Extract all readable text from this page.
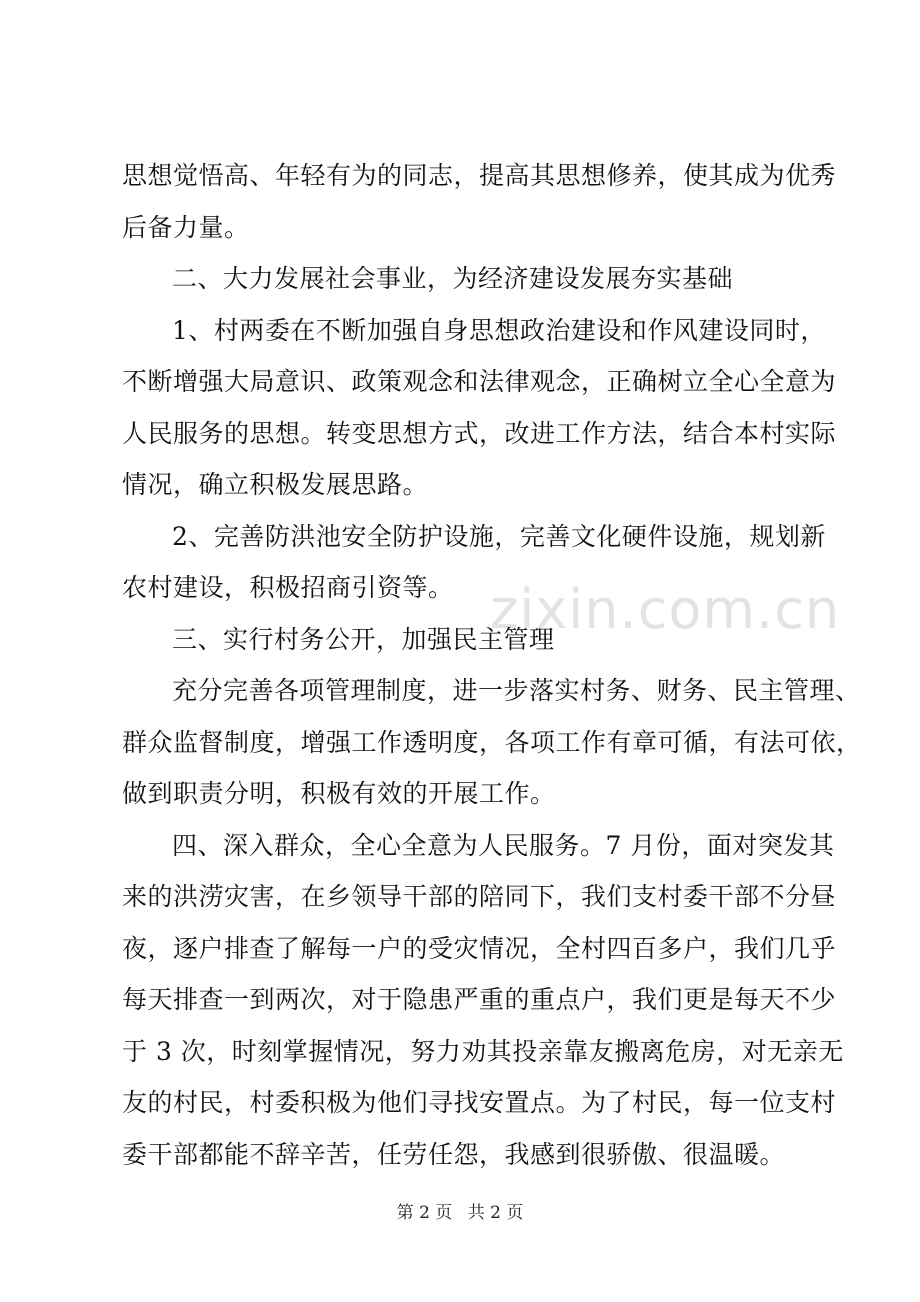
zixin.com.cn
思想觉悟高、年轻有为的同志，提高其思想修养，使其成为优秀
后备力量。
二、大力发展社会事业，为经济建设发展夯实基础
1、村两委在不断加强自身思想政治建设和作风建设同时，
不断增强大局意识、政策观念和法律观念，正确树立全心全意为
人民服务的思想。转变思想方式，改进工作方法，结合本村实际
情况，确立积极发展思路。
2、完善防洪池安全防护设施，完善文化硬件设施，规划新
农村建设，积极招商引资等。
三、实行村务公开，加强民主管理
充分完善各项管理制度，进一步落实村务、财务、民主管理、
群众监督制度，增强工作透明度，各项工作有章可循，有法可依，
做到职责分明，积极有效的开展工作。
四、深入群众，全心全意为人民服务。7 月份，面对突发其
来的洪涝灾害，在乡领导干部的陪同下，我们支村委干部不分昼
夜，逐户排查了解每一户的受灾情况，全村四百多户，我们几乎
每天排查一到两次，对于隐患严重的重点户，我们更是每天不少
于 3 次，时刻掌握情况，努力劝其投亲靠友搬离危房，对无亲无
友的村民，村委积极为他们寻找安置点。为了村民，每一位支村
委干部都能不辞辛苦，任劳任怨，我感到很骄傲、很温暖。
第 2 页 共 2 页
